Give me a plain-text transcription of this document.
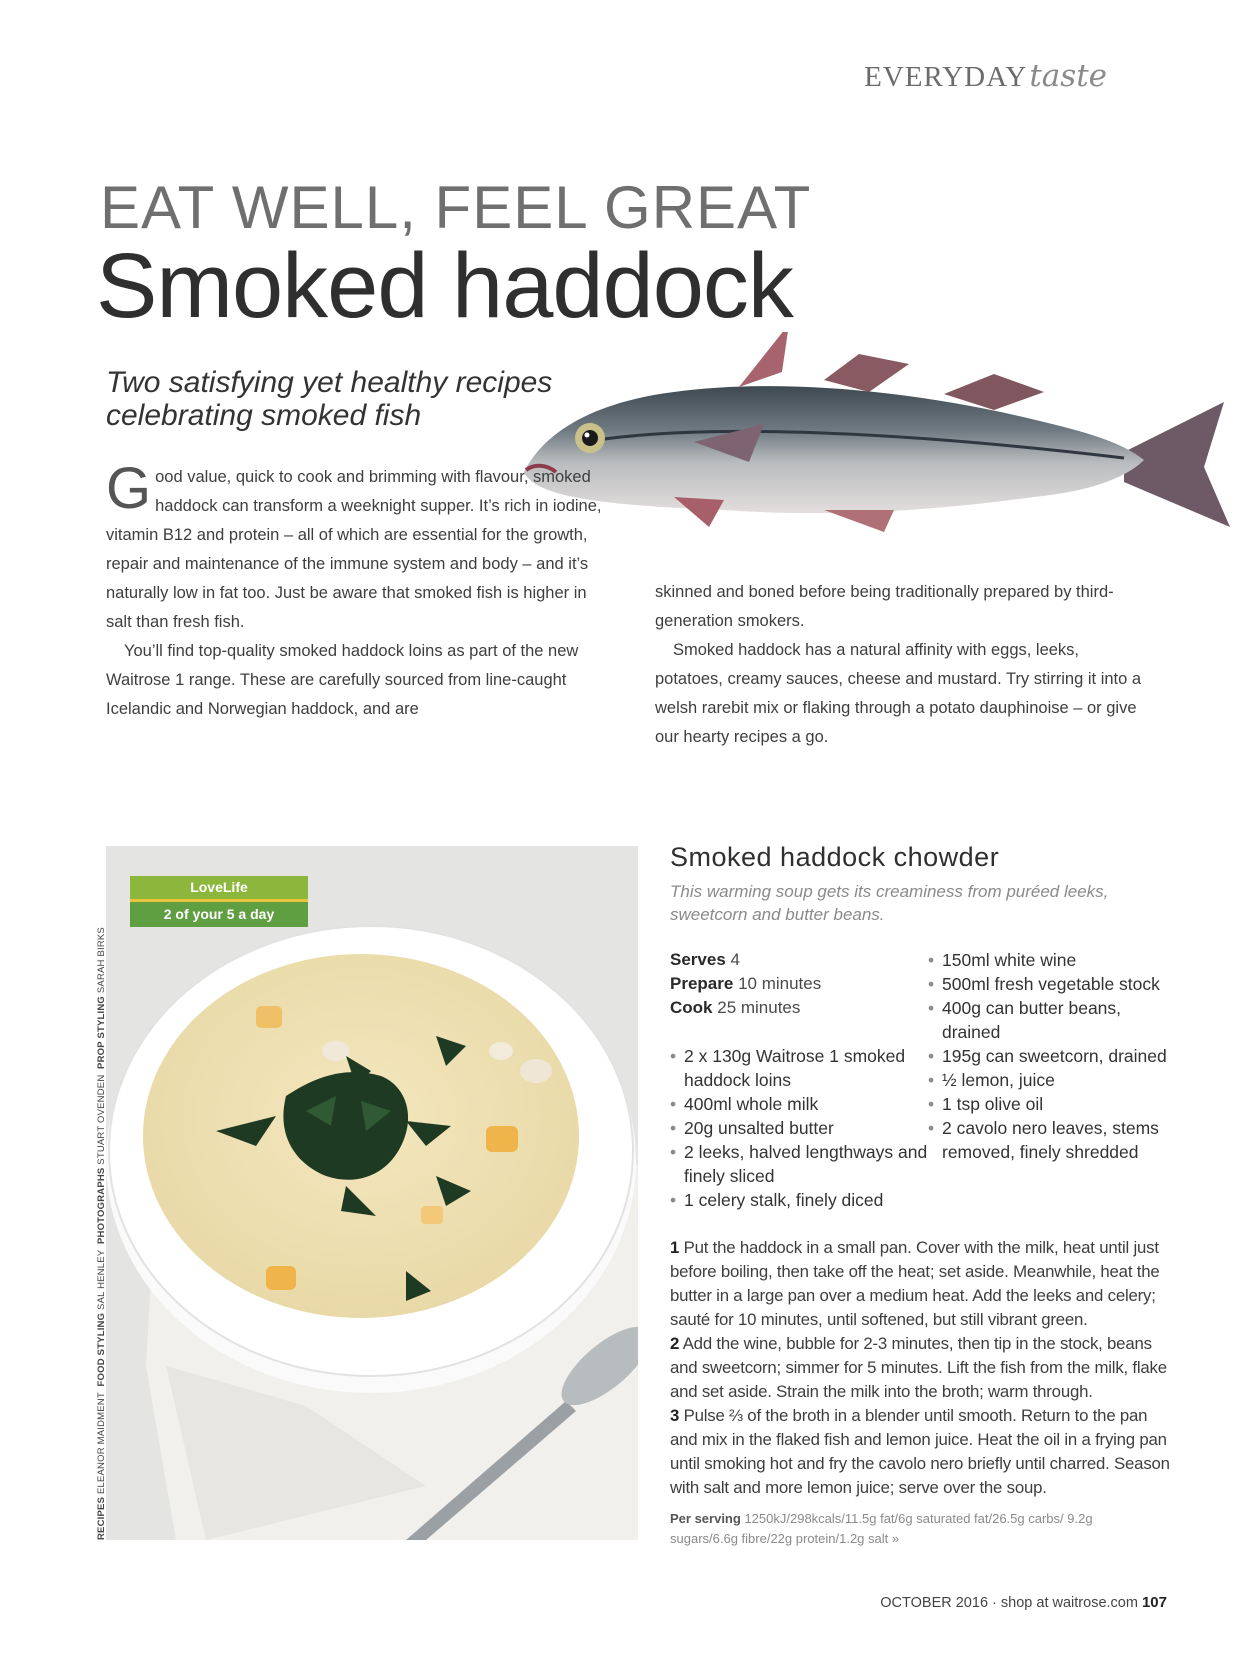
EVERYDAYtaste
EAT WELL, FEEL GREAT
Smoked haddock
Two satisfying yet healthy recipes celebrating smoked fish

Good value, quick to cook and brimming with flavour, smoked haddock can transform a weeknight supper. It’s rich in iodine, vitamin B12 and protein – all of which are essential for the growth, repair and maintenance of the immune system and body – and it’s naturally low in fat too. Just be aware that smoked fish is higher in salt than fresh fish.

You’ll find top-quality smoked haddock loins as part of the new Waitrose 1 range. These are carefully sourced from line-caught Icelandic and Norwegian haddock, and are

skinned and boned before being traditionally prepared by third-generation smokers.

Smoked haddock has a natural affinity with eggs, leeks, potatoes, creamy sauces, cheese and mustard. Try stirring it into a welsh rarebit mix or flaking through a potato dauphinoise – or give our hearty recipes a go.

LoveLife
2 of your 5 a day
RECIPES ELEANOR MAIDMENT  FOOD STYLING SAL HENLEY  PHOTOGRAPHS STUART OVENDEN  PROP STYLING SARAH BIRKS
Smoked haddock chowder
This warming soup gets its creaminess from puréed leeks, sweetcorn and butter beans.
Serves 4
Prepare 10 minutes
Cook 25 minutes
• 2 x 130g Waitrose 1 smoked haddock loins
• 400ml whole milk
• 20g unsalted butter
• 2 leeks, halved lengthways and finely sliced
• 1 celery stalk, finely diced
• 150ml white wine
• 500ml fresh vegetable stock
• 400g can butter beans, drained
• 195g can sweetcorn, drained
• ½ lemon, juice
• 1 tsp olive oil
• 2 cavolo nero leaves, stems removed, finely shredded

1 Put the haddock in a small pan. Cover with the milk, heat until just before boiling, then take off the heat; set aside. Meanwhile, heat the butter in a large pan over a medium heat. Add the leeks and celery; sauté for 10 minutes, until softened, but still vibrant green.

2 Add the wine, bubble for 2-3 minutes, then tip in the stock, beans and sweetcorn; simmer for 5 minutes. Lift the fish from the milk, flake and set aside. Strain the milk into the broth; warm through.

3 Pulse ⅔ of the broth in a blender until smooth. Return to the pan and mix in the flaked fish and lemon juice. Heat the oil in a frying pan until smoking hot and fry the cavolo nero briefly until charred. Season with salt and more lemon juice; serve over the soup.

Per serving 1250kJ/298kcals/11.5g fat/6g saturated fat/26.5g carbs/ 9.2g sugars/6.6g fibre/22g protein/1.2g salt »
OCTOBER 2016 · shop at waitrose.com 107
